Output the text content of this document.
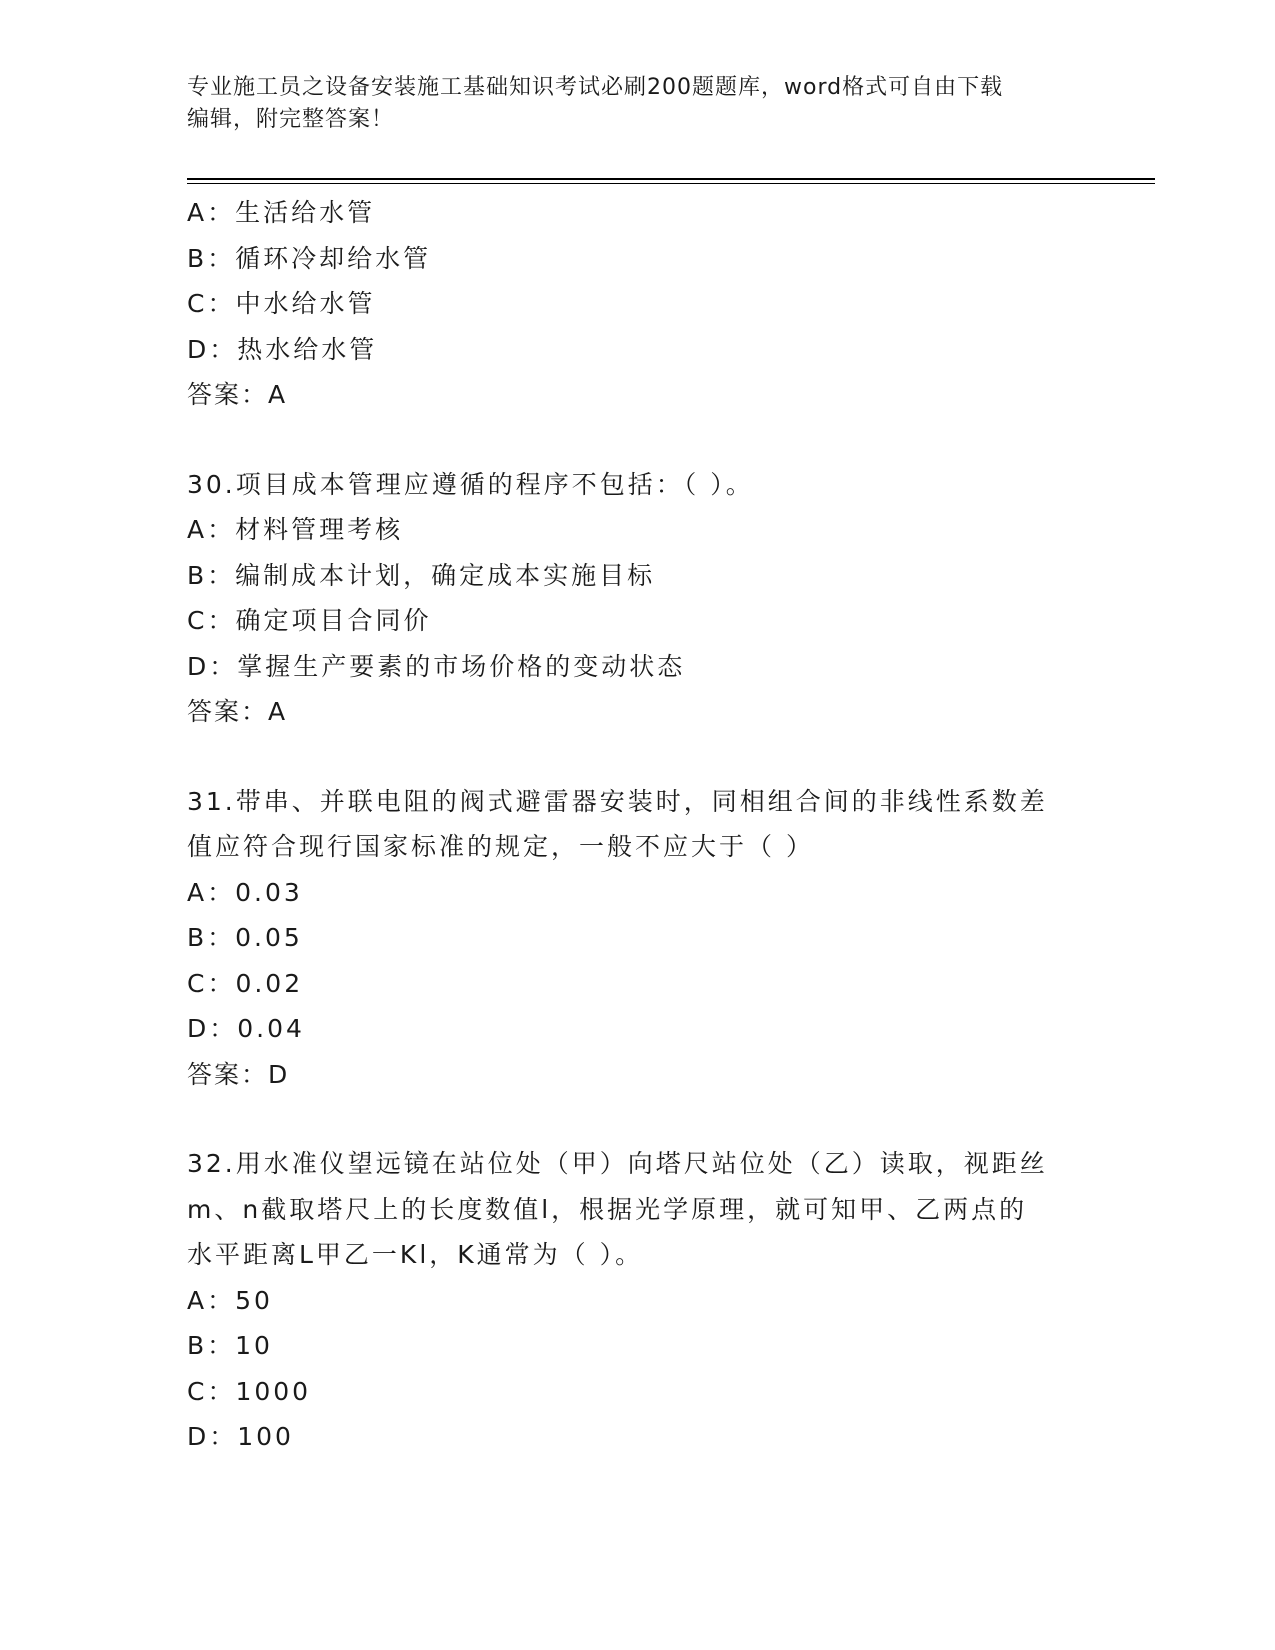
专业施工员之设备安装施工基础知识考试必刷200题题库，word格式可自由下载
编辑，附完整答案！
A：生活给水管
B：循环冷却给水管
C：中水给水管
D：热水给水管
答案：A
30.项目成本管理应遵循的程序不包括：（ ）。
A：材料管理考核
B：编制成本计划，确定成本实施目标
C：确定项目合同价
D：掌握生产要素的市场价格的变动状态
答案：A
31.带串、并联电阻的阀式避雷器安装时，同相组合间的非线性系数差
值应符合现行国家标准的规定，一般不应大于（ ）
A：0.03
B：0.05
C：0.02
D：0.04
答案：D
32.用水准仪望远镜在站位处（甲）向塔尺站位处（乙）读取，视距丝
m、n截取塔尺上的长度数值l，根据光学原理，就可知甲、乙两点的
水平距离L甲乙一Kl，K通常为（ ）。
A：50
B：10
C：1000
D：100
